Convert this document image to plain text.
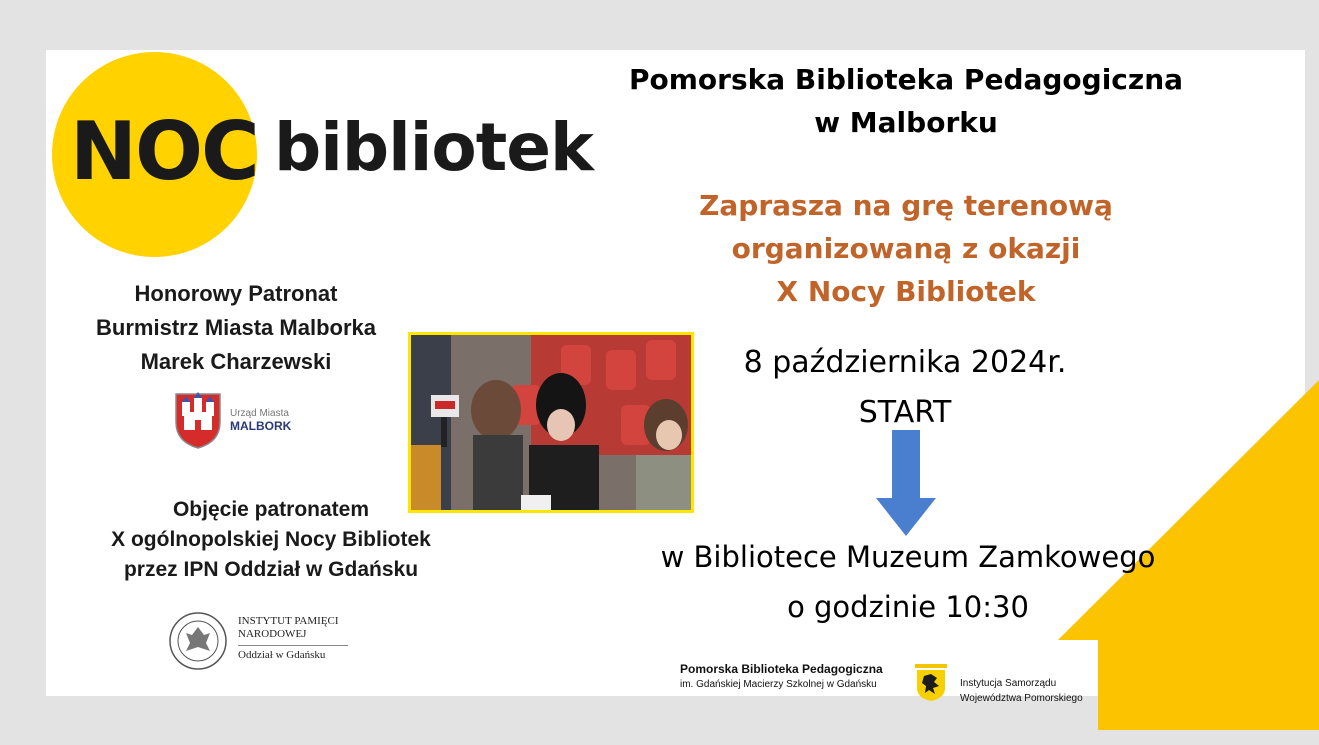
NOC bibliotek
Honorowy Patronat
Burmistrz Miasta Malborka
Marek Charzewski
Urząd Miasta
MALBORK
Objęcie patronatem
X ogólnopolskiej Nocy Bibliotek
przez IPN Oddział w Gdańsku
INSTYTUT PAMIĘCI
NARODOWEJ
Oddział w Gdańsku
Pomorska Biblioteka Pedagogiczna
w Malborku
Zaprasza na grę terenową
organizowaną z okazji
X Nocy Bibliotek
8 października 2024r.
START
w Bibliotece Muzeum Zamkowego
o godzinie 10:30
Pomorska Biblioteka Pedagogiczna
im. Gdańskiej Macierzy Szkolnej w Gdańsku	Instytucja Samorządu
Województwa Pomorskiego
